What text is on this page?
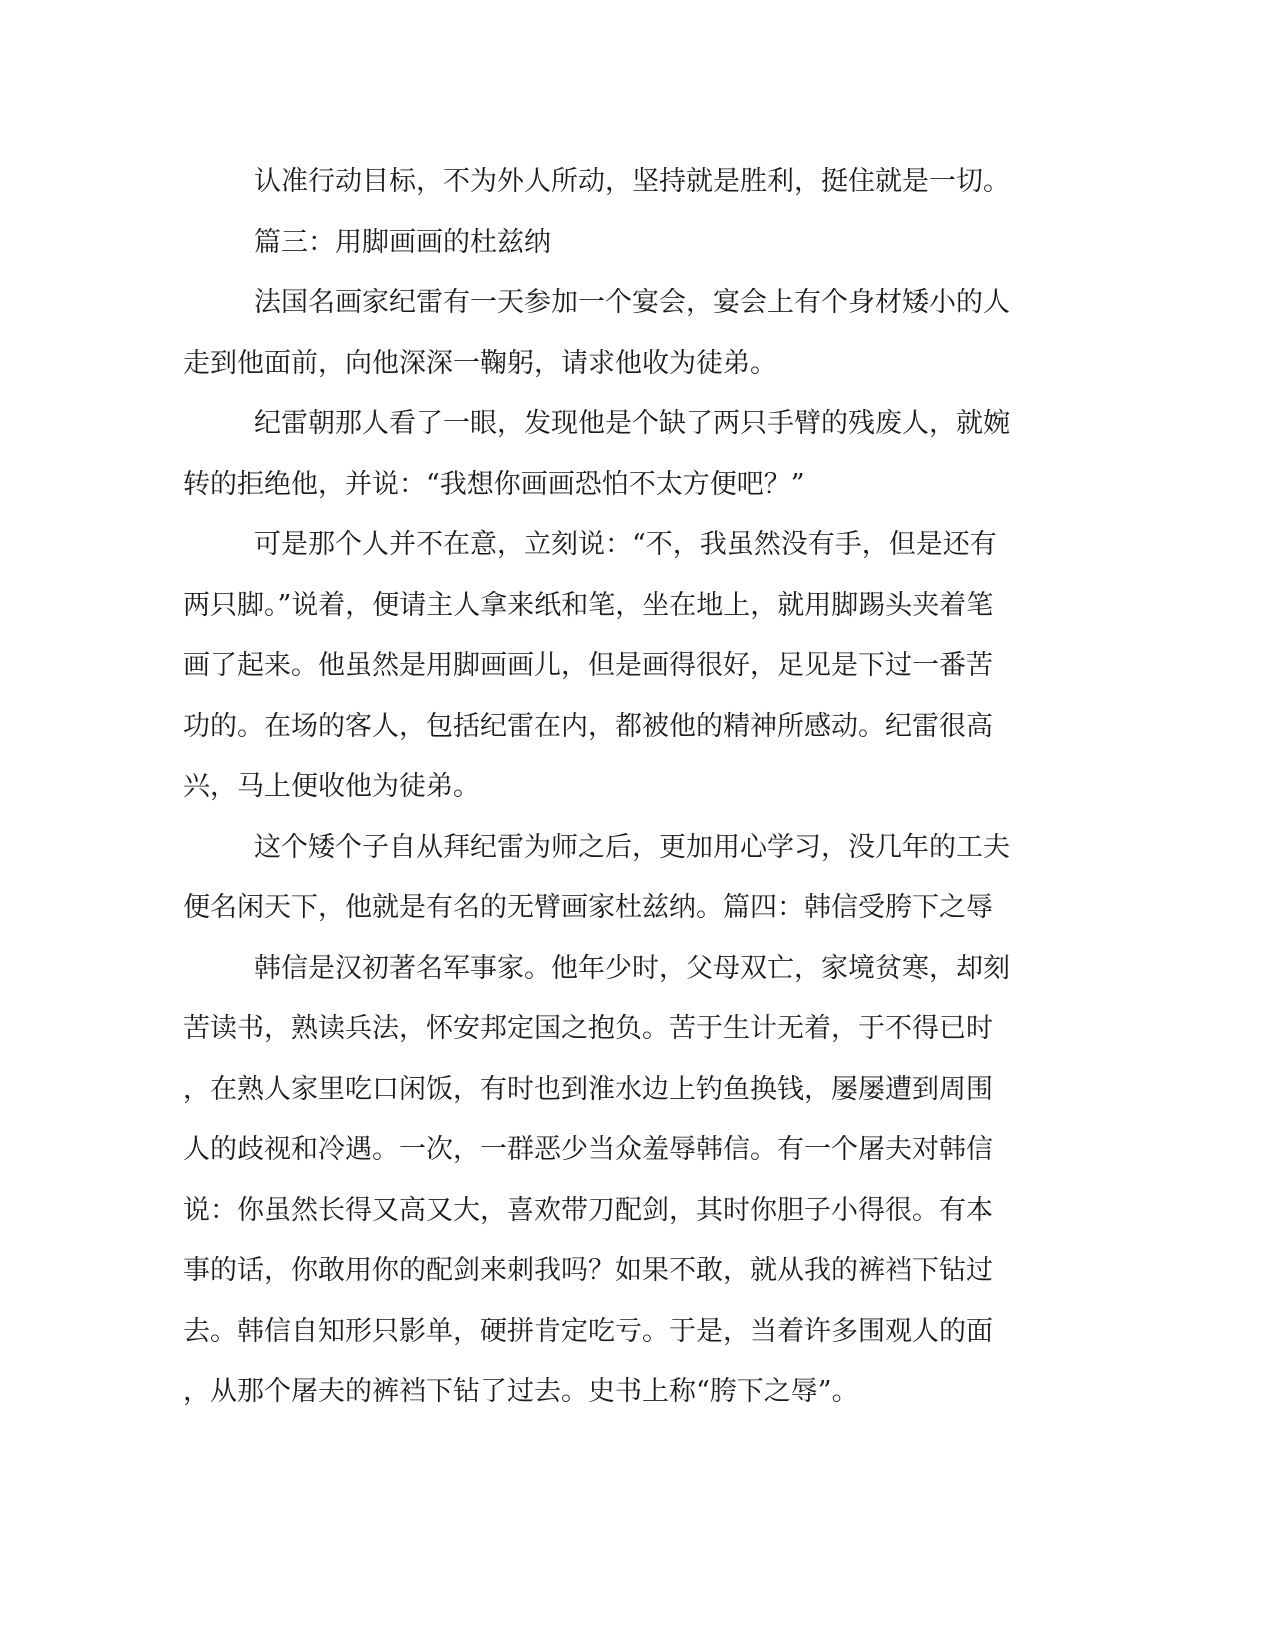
认准行动目标，不为外人所动，坚持就是胜利，挺住就是一切。
篇三：用脚画画的杜兹纳
法国名画家纪雷有一天参加一个宴会，宴会上有个身材矮小的人
走到他面前，向他深深一鞠躬，请求他收为徒弟。
纪雷朝那人看了一眼，发现他是个缺了两只手臂的残废人，就婉
转的拒绝他，并说：“我想你画画恐怕不太方便吧？”
可是那个人并不在意，立刻说：“不，我虽然没有手，但是还有
两只脚。”说着，便请主人拿来纸和笔，坐在地上，就用脚踢头夹着笔
画了起来。他虽然是用脚画画儿，但是画得很好，足见是下过一番苦
功的。在场的客人，包括纪雷在内，都被他的精神所感动。纪雷很高
兴，马上便收他为徒弟。
这个矮个子自从拜纪雷为师之后，更加用心学习，没几年的工夫
便名闲天下，他就是有名的无臂画家杜兹纳。篇四：韩信受胯下之辱
韩信是汉初著名军事家。他年少时，父母双亡，家境贫寒，却刻
苦读书，熟读兵法，怀安邦定国之抱负。苦于生计无着，于不得已时
，在熟人家里吃口闲饭，有时也到淮水边上钓鱼换钱，屡屡遭到周围
人的歧视和冷遇。一次，一群恶少当众羞辱韩信。有一个屠夫对韩信
说：你虽然长得又高又大，喜欢带刀配剑，其时你胆子小得很。有本
事的话，你敢用你的配剑来刺我吗？如果不敢，就从我的裤裆下钻过
去。韩信自知形只影单，硬拼肯定吃亏。于是，当着许多围观人的面
，从那个屠夫的裤裆下钻了过去。史书上称“胯下之辱”。
